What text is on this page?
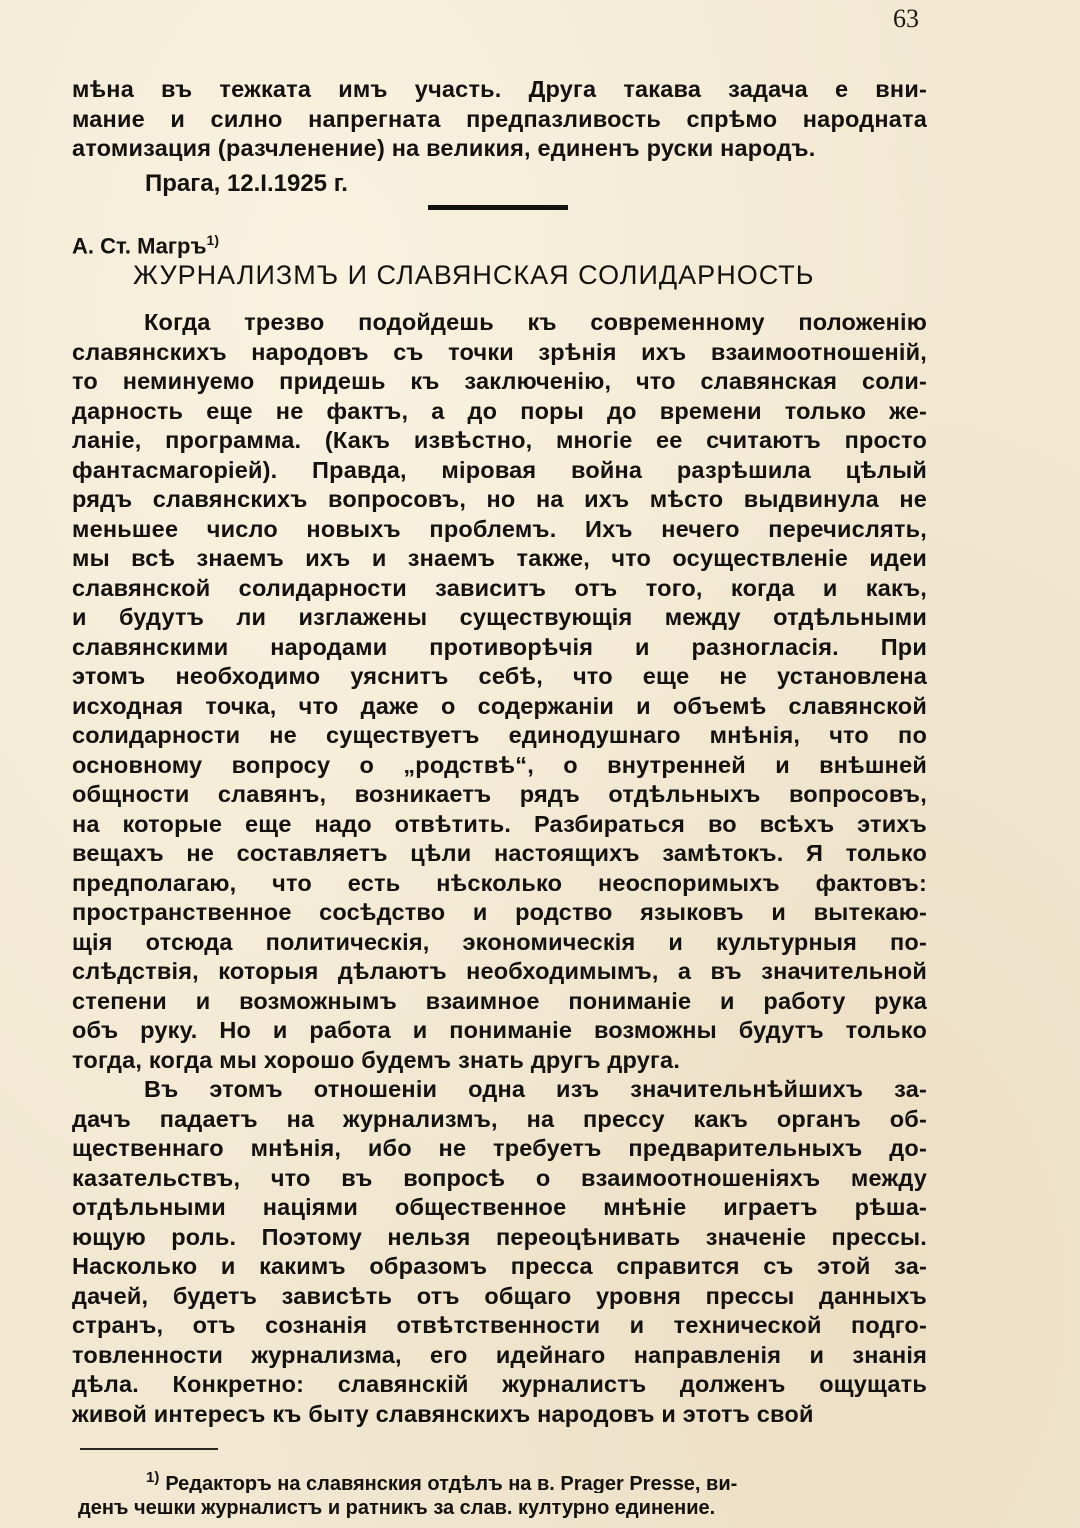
63
мѣна въ тежката имъ участь. Друга такава задача е вни-
мание и силно напрегната предпазливость спрѣмо народната
атомизация (разчленение) на великия, единенъ руски народъ.
Прага, 12.I.1925 г.
А. Ст. Магръ$^{1)}$
ЖУРНАЛИЗМЪ И СЛАВЯНСКАЯ СОЛИДАРНОСТЬ
Когда трезво подойдешь къ современному положенію
славянскихъ народовъ съ точки зрѣнія ихъ взаимоотношеній,
то неминуемо придешь къ заключенію, что славянская соли-
дарность еще не фактъ, а до поры до времени только же-
ланіе, программа. (Какъ извѣстно, многіе ее считаютъ просто
фантасмагоріей). Правда, міровая война разрѣшила цѣлый
рядъ славянскихъ вопросовъ, но на ихъ мѣсто выдвинула не
меньшее число новыхъ проблемъ. Ихъ нечего перечислять,
мы всѣ знаемъ ихъ и знаемъ также, что осуществленіе идеи
славянской солидарности зависитъ отъ того, когда и какъ,
и будутъ ли изглажены существующія между отдѣльными
славянскими народами противорѣчія и разногласія. При
этомъ необходимо уяснитъ себѣ, что еще не установлена
исходная точка, что даже о содержаніи и объемѣ славянской
солидарности не существуетъ единодушнаго мнѣнія, что по
основному вопросу о „родствѣ“, о внутренней и внѣшней
общности славянъ, возникаетъ рядъ отдѣльныхъ вопросовъ,
на которые еще надо отвѣтить. Разбираться во всѣхъ этихъ
вещахъ не составляетъ цѣли настоящихъ замѣтокъ. Я только
предполагаю, что есть нѣсколько неоспоримыхъ фактовъ:
пространственное сосѣдство и родство языковъ и вытекаю-
щія отсюда политическія, экономическія и культурныя по-
слѣдствія, которыя дѣлаютъ необходимымъ, а въ значительной
степени и возможнымъ взаимное пониманіе и работу рука
объ руку. Но и работа и пониманіе возможны будутъ только
тогда, когда мы хорошо будемъ знать другъ друга.
Въ этомъ отношеніи одна изъ значительнѣйшихъ за-
дачъ падаетъ на журнализмъ, на прессу какъ органъ об-
щественнаго мнѣнія, ибо не требуетъ предварительныхъ до-
казательствъ, что въ вопросѣ о взаимоотношеніяхъ между
отдѣльными націями общественное мнѣніе играетъ рѣшa-
ющую роль. Поэтому нельзя переоцѣнивать значеніе прессы.
Насколько и какимъ образомъ пресса справится съ этой за-
дачей, будетъ зависѣть отъ общаго уровня прессы данныхъ
странъ, отъ сознанія отвѣтственности и технической подго-
товленности журнализма, его идейнаго направленія и знанія
дѣла. Конкретно: славянскій журналистъ долженъ ощущать
живой интересъ къ быту славянскихъ народовъ и этотъ свой
$^{1)}$ Редакторъ на славянския отдѣлъ на в. Prager Presse, ви-
денъ чешки журналистъ и ратникъ за слав. културно единение.
